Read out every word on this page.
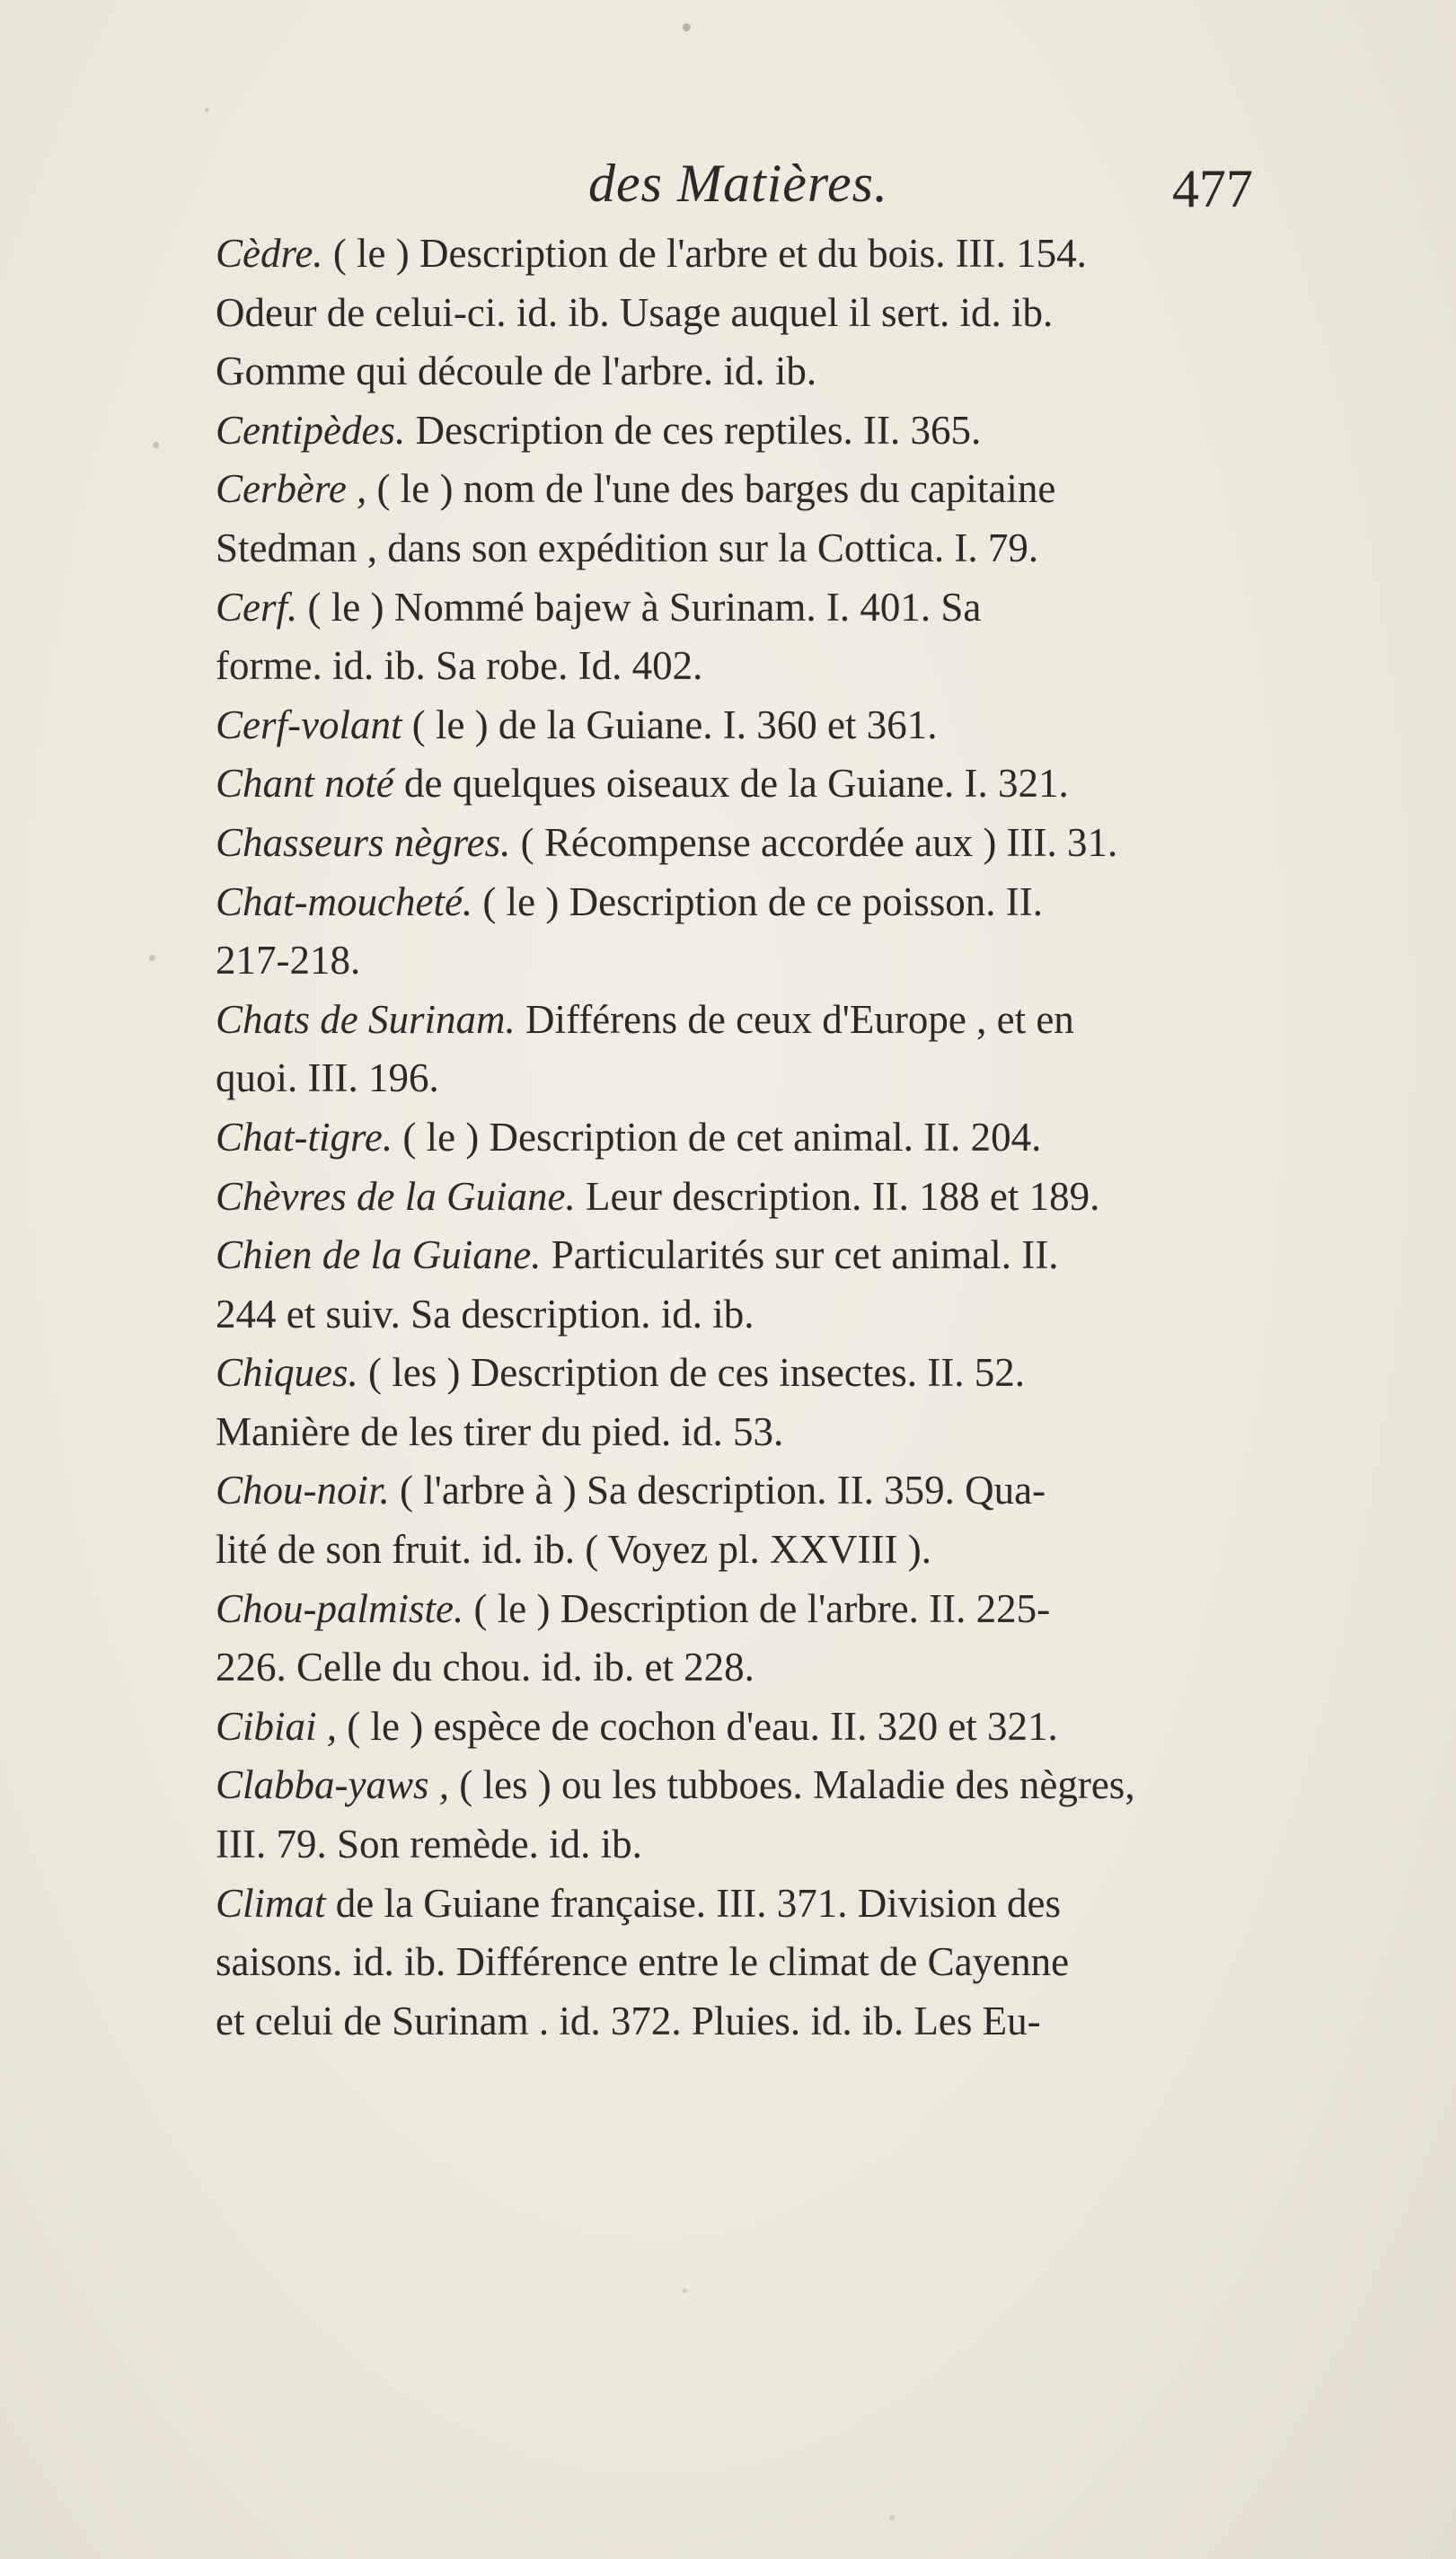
des Matières.	477

Cèdre. ( le ) Description de l'arbre et du bois. III. 154.
Odeur de celui-ci. id. ib. Usage auquel il sert. id. ib.
Gomme qui découle de l'arbre. id. ib.

Centipèdes. Description de ces reptiles. II. 365.

Cerbère , ( le ) nom de l'une des barges du capitaine
Stedman , dans son expédition sur la Cottica. I. 79.

Cerf. ( le ) Nommé bajew à Surinam. I. 401. Sa
forme. id. ib. Sa robe. Id. 402.

Cerf-volant ( le ) de la Guiane. I. 360 et 361.

Chant noté de quelques oiseaux de la Guiane. I. 321.

Chasseurs nègres. ( Récompense accordée aux ) III. 31.

Chat-moucheté. ( le ) Description de ce poisson. II.
217-218.

Chats de Surinam. Différens de ceux d'Europe , et en
quoi. III. 196.

Chat-tigre. ( le ) Description de cet animal. II. 204.

Chèvres de la Guiane. Leur description. II. 188 et 189.

Chien de la Guiane. Particularités sur cet animal. II.
244 et suiv. Sa description. id. ib.

Chiques. ( les ) Description de ces insectes. II. 52.
Manière de les tirer du pied. id. 53.

Chou-noir. ( l'arbre à ) Sa description. II. 359. Qua-
lité de son fruit. id. ib. ( Voyez pl. XXVIII ).

Chou-palmiste. ( le ) Description de l'arbre. II. 225-
226. Celle du chou. id. ib. et 228.

Cibiai , ( le ) espèce de cochon d'eau. II. 320 et 321.

Clabba-yaws , ( les ) ou les tubboes. Maladie des nègres,
III. 79. Son remède. id. ib.

Climat de la Guiane française. III. 371. Division des
saisons. id. ib. Différence entre le climat de Cayenne
et celui de Surinam . id. 372. Pluies. id. ib. Les Eu-
